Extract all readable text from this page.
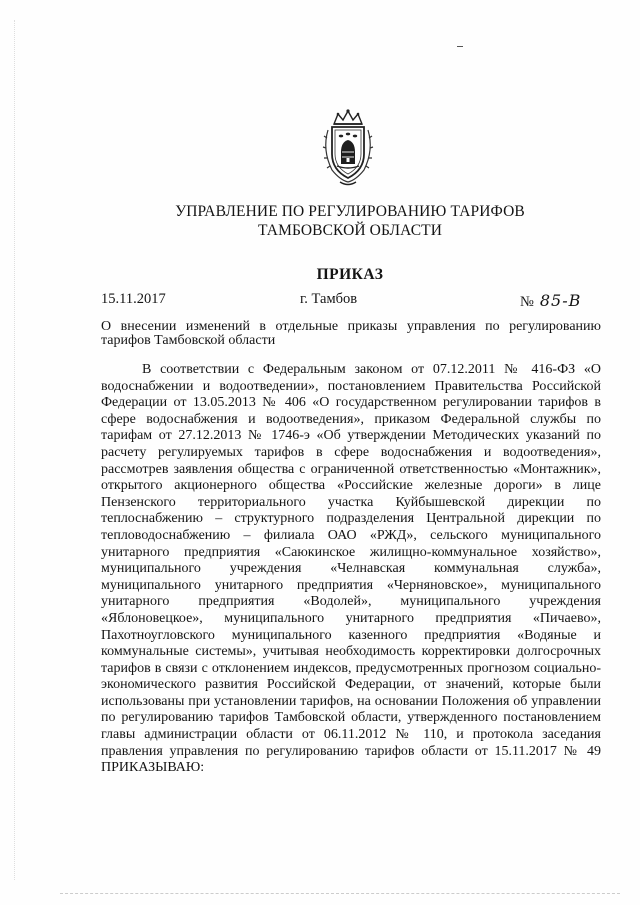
УПРАВЛЕНИЕ ПО РЕГУЛИРОВАНИЮ ТАРИФОВ
ТАМБОВСКОЙ ОБЛАСТИ
ПРИКАЗ
15.11.2017	г. Тамбов	№ 85-В
О внесении изменений в отдельные приказы управления по регулированию тарифов Тамбовской области
В соответствии с Федеральным законом от 07.12.2011 № 416-ФЗ «О водоснабжении и водоотведении», постановлением Правительства Российской Федерации от 13.05.2013 № 406 «О государственном регулировании тарифов в сфере водоснабжения и водоотведения», приказом Федеральной службы по тарифам от 27.12.2013 № 1746-э «Об утверждении Методических указаний по расчету регулируемых тарифов в сфере водоснабжения и водоотведения», рассмотрев заявления общества с ограниченной ответственностью «Монтажник», открытого акционерного общества «Российские железные дороги» в лице Пензенского территориального участка Куйбышевской дирекции по теплоснабжению – структурного подразделения Центральной дирекции по тепловодоснабжению – филиала ОАО «РЖД», сельского муниципального унитарного предприятия «Саюкинское жилищно-коммунальное хозяйство», муниципального учреждения «Челнавская коммунальная служба», муниципального унитарного предприятия «Черняновское», муниципального унитарного предприятия «Водолей», муниципального учреждения «Яблоновецкое», муниципального унитарного предприятия «Пичаево», Пахотноугловского муниципального казенного предприятия «Водяные и коммунальные системы», учитывая необходимость корректировки долгосрочных тарифов в связи с отклонением индексов, предусмотренных прогнозом социально-экономического развития Российской Федерации, от значений, которые были использованы при установлении тарифов, на основании Положения об управлении по регулированию тарифов Тамбовской области, утвержденного постановлением главы администрации области от 06.11.2012 № 110, и протокола заседания правления управления по регулированию тарифов области от 15.11.2017 № 49 ПРИКАЗЫВАЮ:
